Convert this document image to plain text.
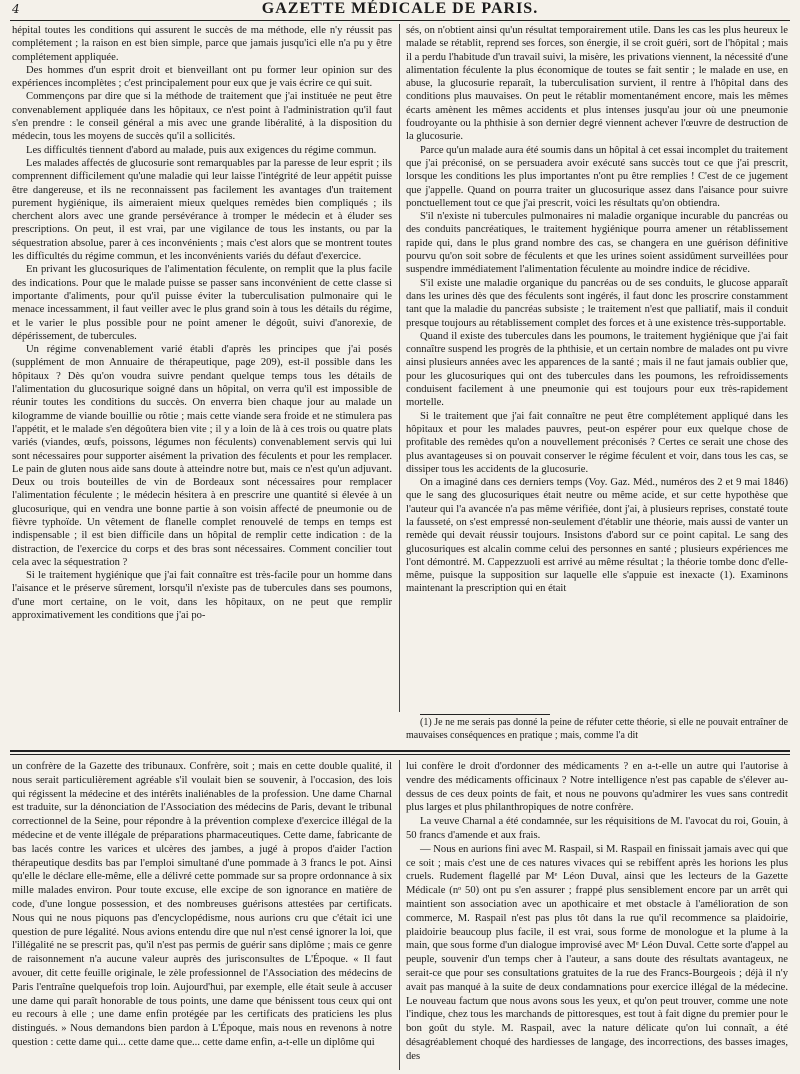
4	GAZETTE MÉDICALE DE PARIS.

hépital toutes les conditions qui assurent le succès de ma méthode, elle n'y réussit pas complétement ; la raison en est bien simple, parce que jamais jusqu'ici elle n'a pu y être complétement appliquée.

Des hommes d'un esprit droit et bienveillant ont pu former leur opinion sur des expériences incomplètes ; c'est principalement pour eux que je vais écrire ce qui suit.

Commençons par dire que si la méthode de traitement que j'ai instituée ne peut être convenablement appliquée dans les hôpitaux, ce n'est point à l'administration qu'il faut s'en prendre : le conseil général a mis avec une grande libéralité, à la disposition du médecin, tous les moyens de succès qu'il a sollicités.

Les difficultés tiennent d'abord au malade, puis aux exigences du régime commun.

Les malades affectés de glucosurie sont remarquables par la paresse de leur esprit ; ils comprennent difficilement qu'une maladie qui leur laisse l'intégrité de leur appétit puisse être dangereuse, et ils ne reconnaissent pas facilement les avantages d'un traitement purement hygiénique, ils aimeraient mieux quelques remèdes bien compliqués ; ils cherchent alors avec une grande persévérance à tromper le médecin et à éluder ses prescriptions. On peut, il est vrai, par une vigilance de tous les instants, ou par la séquestration absolue, parer à ces inconvénients ; mais c'est alors que se montrent toutes les difficultés du régime commun, et les inconvénients variés du défaut d'exercice.

En privant les glucosuriques de l'alimentation féculente, on remplit que la plus facile des indications. Pour que le malade puisse se passer sans inconvénient de cette classe si importante d'aliments, pour qu'il puisse éviter la tuberculisation pulmonaire qui le menace incessamment, il faut veiller avec le plus grand soin à tous les détails du régime, et le varier le plus possible pour ne point amener le dégoût, suivi d'anorexie, de dépérissement, de tubercules.

Un régime convenablement varié établi d'après les principes que j'ai posés (supplément de mon Annuaire de thérapeutique, page 209), est-il possible dans les hôpitaux ? Dès qu'on voudra suivre pendant quelque temps tous les détails de l'alimentation du glucosurique soigné dans un hôpital, on verra qu'il est impossible de réunir toutes les conditions du succès. On enverra bien chaque jour au malade un kilogramme de viande bouillie ou rôtie ; mais cette viande sera froide et ne stimulera pas l'appétit, et le malade s'en dégoûtera bien vite ; il y a loin de là à ces trois ou quatre plats variés (viandes, œufs, poissons, légumes non féculents) convenablement servis qui lui sont nécessaires pour supporter aisément la privation des féculents et pour les remplacer. Le pain de gluten nous aide sans doute à atteindre notre but, mais ce n'est qu'un adjuvant. Deux ou trois bouteilles de vin de Bordeaux sont nécessaires pour remplacer l'alimentation féculente ; le médecin hésitera à en prescrire une quantité si élevée à un glucosurique, qui en vendra une bonne partie à son voisin affecté de pneumonie ou de fièvre typhoïde. Un vêtement de flanelle complet renouvelé de temps en temps est indispensable ; il est bien difficile dans un hôpital de remplir cette indication : de la distraction, de l'exercice du corps et des bras sont nécessaires. Comment concilier tout cela avec la séquestration ?

Si le traitement hygiénique que j'ai fait connaître est très-facile pour un homme dans l'aisance et le préserve sûrement, lorsqu'il n'existe pas de tubercules dans ses poumons, d'une mort certaine, on le voit, dans les hôpitaux, on ne peut que remplir approximativement les conditions que j'ai po-

sés, on n'obtient ainsi qu'un résultat temporairement utile. Dans les cas les plus heureux le malade se rétablit, reprend ses forces, son énergie, il se croit guéri, sort de l'hôpital ; mais il a perdu l'habitude d'un travail suivi, la misère, les privations viennent, la nécessité d'une alimentation féculente la plus économique de toutes se fait sentir ; le malade en use, en abuse, la glucosurie reparaît, la tuberculisation survient, il rentre à l'hôpital dans des conditions plus mauvaises. On peut le rétablir momentanément encore, mais les mêmes écarts amènent les mêmes accidents et plus intenses jusqu'au jour où une pneumonie foudroyante ou la phthisie à son dernier degré viennent achever l'œuvre de destruction de la glucosurie.

Parce qu'un malade aura été soumis dans un hôpital à cet essai incomplet du traitement que j'ai préconisé, on se persuadera avoir exécuté sans succès tout ce que j'ai prescrit, lorsque les conditions les plus importantes n'ont pu être remplies ! C'est de ce jugement que j'appelle. Quand on pourra traiter un glucosurique assez dans l'aisance pour suivre ponctuellement tout ce que j'ai prescrit, voici les résultats qu'on obtiendra.

S'il n'existe ni tubercules pulmonaires ni maladie organique incurable du pancréas ou des conduits pancréatiques, le traitement hygiénique pourra amener un rétablissement rapide qui, dans le plus grand nombre des cas, se changera en une guérison définitive pourvu qu'on soit sobre de féculents et que les urines soient assidûment surveillées pour suspendre immédiatement l'alimentation féculente au moindre indice de récidive.

S'il existe une maladie organique du pancréas ou de ses conduits, le glucose apparaît dans les urines dès que des féculents sont ingérés, il faut donc les proscrire constamment tant que la maladie du pancréas subsiste ; le traitement n'est que palliatif, mais il conduit presque toujours au rétablissement complet des forces et à une existence très-supportable.

Quand il existe des tubercules dans les poumons, le traitement hygiénique que j'ai fait connaître suspend les progrès de la phthisie, et un certain nombre de malades ont pu vivre ainsi plusieurs années avec les apparences de la santé ; mais il ne faut jamais oublier que, pour les glucosuriques qui ont des tubercules dans les poumons, les refroidissements conduisent facilement à une pneumonie qui est toujours pour eux très-rapidement mortelle.

Si le traitement que j'ai fait connaître ne peut être complétement appliqué dans les hôpitaux et pour les malades pauvres, peut-on espérer pour eux quelque chose de profitable des remèdes qu'on a nouvellement préconisés ? Certes ce serait une chose des plus avantageuses si on pouvait conserver le régime féculent et voir, dans tous les cas, se dissiper tous les accidents de la glucosurie.

On a imaginé dans ces derniers temps (Voy. Gaz. Méd., numéros des 2 et 9 mai 1846) que le sang des glucosuriques était neutre ou même acide, et sur cette hypothèse que l'auteur qui l'a avancée n'a pas même vérifiée, dont j'ai, à plusieurs reprises, constaté toute la fausseté, on s'est empressé non-seulement d'établir une théorie, mais aussi de vanter un remède qui devait réussir toujours. Insistons d'abord sur ce point capital. Le sang des glucosuriques est alcalin comme celui des personnes en santé ; plusieurs expériences me l'ont démontré. M. Cappezzuoli est arrivé au même résultat ; la théorie tombe donc d'elle-même, puisque la supposition sur laquelle elle s'appuie est inexacte (1). Examinons maintenant la prescription qui en était

(1) Je ne me serais pas donné la peine de réfuter cette théorie, si elle ne pouvait entraîner de mauvaises conséquences en pratique ; mais, comme l'a dit

un confrère de la Gazette des tribunaux. Confrère, soit ; mais en cette double qualité, il nous serait particulièrement agréable s'il voulait bien se souvenir, à l'occasion, des lois qui régissent la médecine et des intérêts inaliénables de la profession. Une dame Charnal est traduite, sur la dénonciation de l'Association des médecins de Paris, devant le tribunal correctionnel de la Seine, pour répondre à la prévention complexe d'exercice illégal de la médecine et de vente illégale de préparations pharmaceutiques. Cette dame, fabricante de bas lacés contre les varices et ulcères des jambes, a jugé à propos d'aider l'action thérapeutique desdits bas par l'emploi simultané d'une pommade à 3 francs le pot. Ainsi qu'elle le déclare elle-même, elle a délivré cette pommade sur sa propre ordonnance à six mille malades environ. Pour toute excuse, elle excipe de son ignorance en matière de code, d'une longue possession, et des nombreuses guérisons attestées par certificats. Nous qui ne nous piquons pas d'encyclopédisme, nous aurions cru que c'était ici une question de pure légalité. Nous avions entendu dire que nul n'est censé ignorer la loi, que l'illégalité ne se prescrit pas, qu'il n'est pas permis de guérir sans diplôme ; mais ce genre de raisonnement n'a aucune valeur auprès des jurisconsultes de L'Époque. « Il faut avouer, dit cette feuille originale, le zèle professionnel de l'Association des médecins de Paris l'entraîne quelquefois trop loin. Aujourd'hui, par exemple, elle était seule à accuser une dame qui paraît honorable de tous points, une dame que bénissent tous ceux qui ont eu recours à elle ; une dame enfin protégée par les certificats des praticiens les plus distingués. » Nous demandons bien pardon à L'Époque, mais nous en revenons à notre question : cette dame qui... cette dame que... cette dame enfin, a-t-elle un diplôme qui

lui confère le droit d'ordonner des médicaments ? en a-t-elle un autre qui l'autorise à vendre des médicaments officinaux ? Notre intelligence n'est pas capable de s'élever au-dessus de ces deux points de fait, et nous ne pouvons qu'admirer les vues sans contredit plus larges et plus philanthropiques de notre confrère.

La veuve Charnal a été condamnée, sur les réquisitions de M. l'avocat du roi, Gouin, à 50 francs d'amende et aux frais.

— Nous en aurions fini avec M. Raspail, si M. Raspail en finissait jamais avec qui que ce soit ; mais c'est une de ces natures vivaces qui se rebiffent après les horions les plus cruels. Rudement flagellé par Mᵉ Léon Duval, ainsi que les lecteurs de la Gazette Médicale (nᵒ 50) ont pu s'en assurer ; frappé plus sensiblement encore par un arrêt qui maintient son association avec un apothicaire et met obstacle à l'amélioration de son commerce, M. Raspail n'est pas plus tôt dans la rue qu'il recommence sa plaidoirie, plaidoirie beaucoup plus facile, il est vrai, sous forme de monologue et la plume à la main, que sous forme d'un dialogue improvisé avec Mᵉ Léon Duval. Cette sorte d'appel au peuple, souvenir d'un temps cher à l'auteur, a sans doute des résultats avantageux, ne serait-ce que pour ses consultations gratuites de la rue des Francs-Bourgeois ; déjà il n'y avait pas manqué à la suite de deux condamnations pour exercice illégal de la médecine. Le nouveau factum que nous avons sous les yeux, et qu'on peut trouver, comme une note l'indique, chez tous les marchands de pittoresques, est tout à fait digne du premier pour le bon goût du style. M. Raspail, avec la nature délicate qu'on lui connaît, a été désagréablement choqué des hardiesses de langage, des incorrections, des basses images, des
